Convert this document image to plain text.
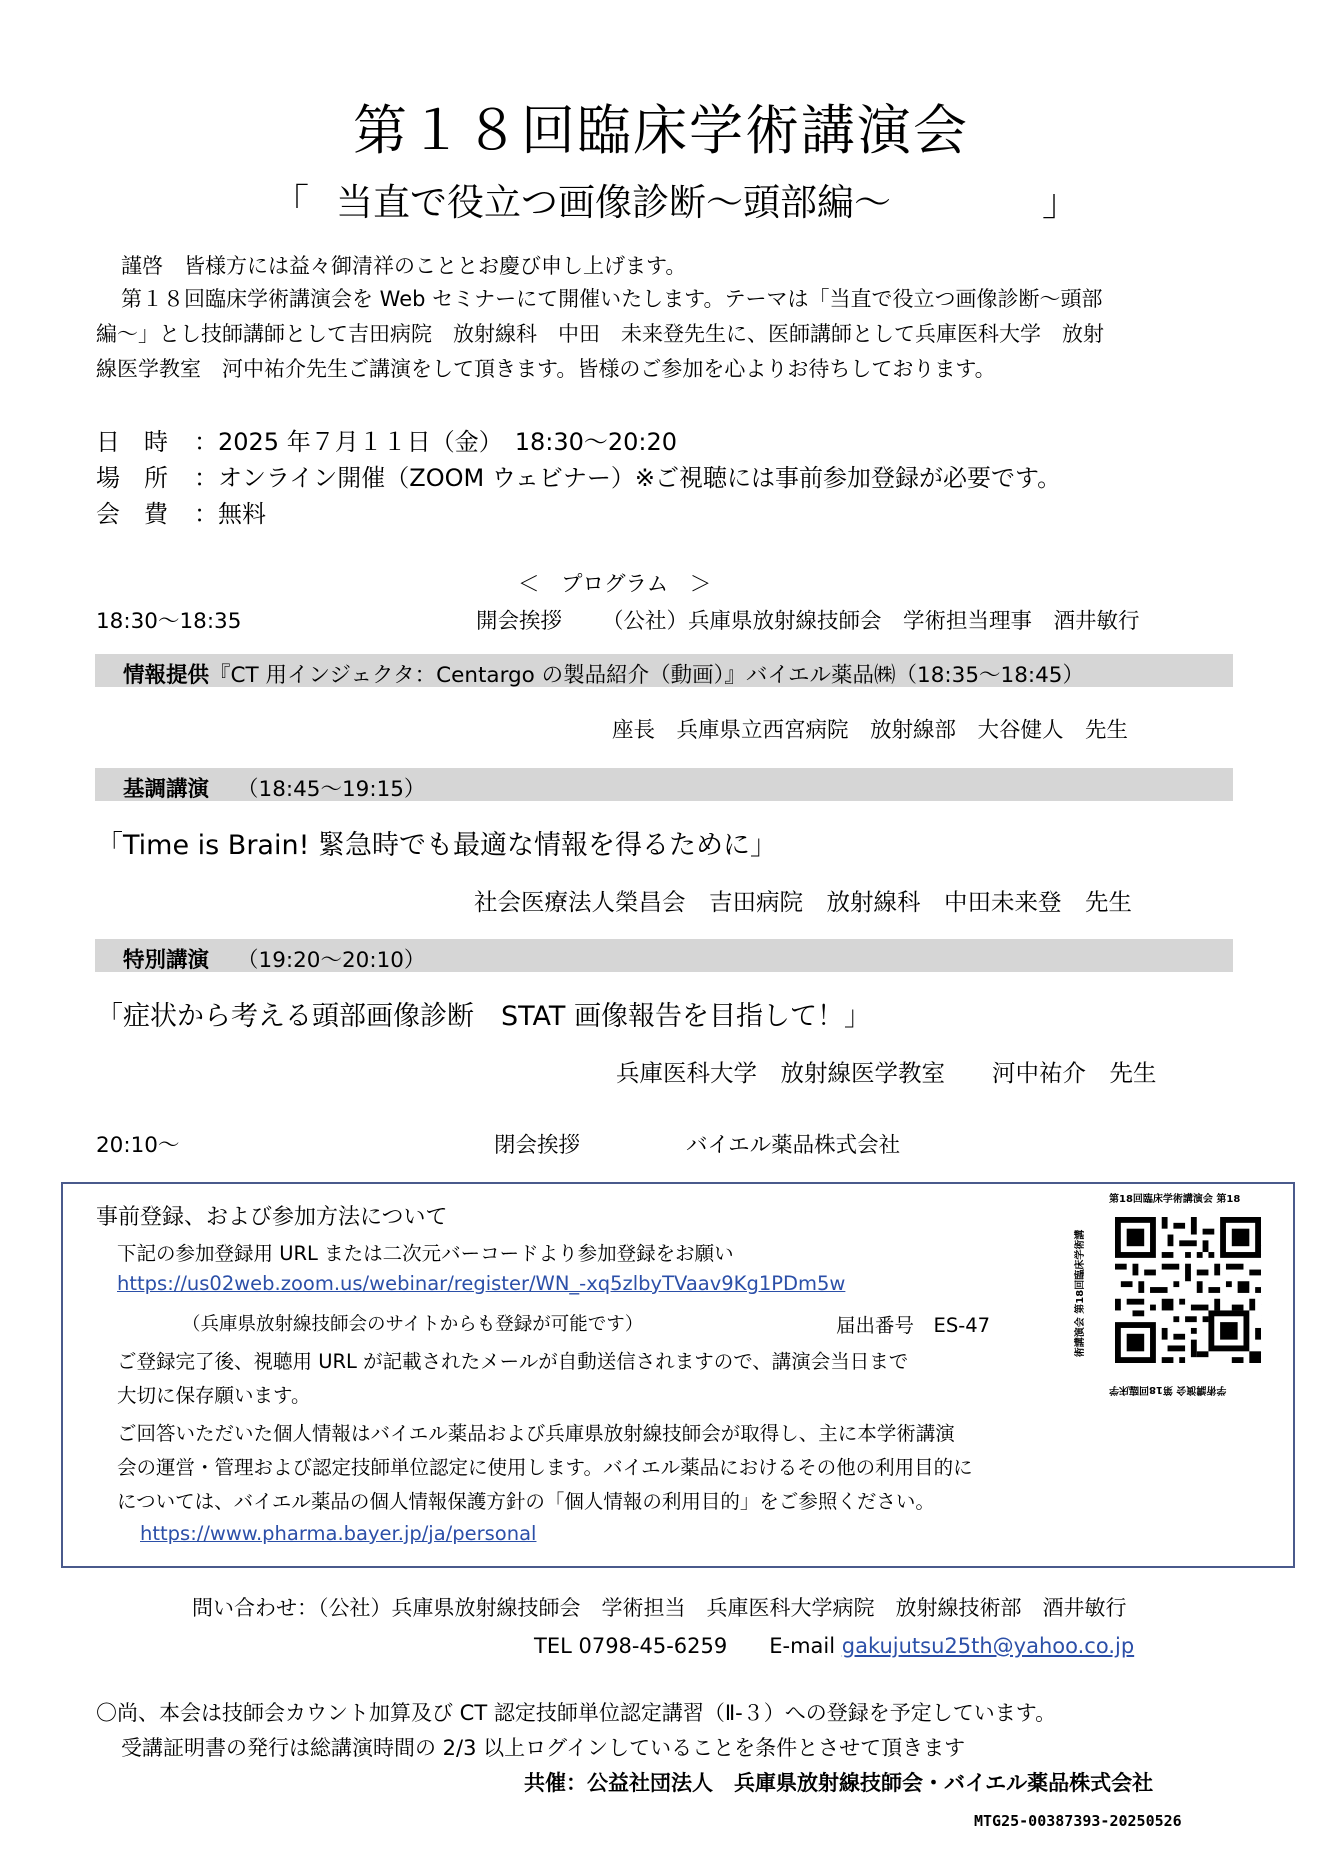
第１８回臨床学術講演会
「 当直で役立つ画像診断～頭部編～	」
謹啓　皆様方には益々御清祥のこととお慶び申し上げます。
第１８回臨床学術講演会を Web セミナーにて開催いたします。テーマは「当直で役立つ画像診断～頭部
編～」とし技師講師として吉田病院　放射線科　中田　未来登先生に、医師講師として兵庫医科大学　放射
線医学教室　河中祐介先生ご講演をして頂きます。皆様のご参加を心よりお待ちしております。
日　時 ：2025 年７月１１日（金）　18:30～20:20
場　所 ：オンライン開催（ZOOM ウェビナー）※ご視聴には事前参加登録が必要です。
会　費 ：無料
＜　プログラム　＞
18:30～18:35	開会挨拶 （公社）兵庫県放射線技師会　学術担当理事　酒井敏行
情報提供『CT 用インジェクタ：Centargo の製品紹介（動画）』バイエル薬品㈱（18:35～18:45）
座長　兵庫県立西宮病院　放射線部　大谷健人　先生
基調講演 （18:45～19:15）
「Time is Brain! 緊急時でも最適な情報を得るために」
社会医療法人榮昌会　吉田病院　放射線科　中田未来登　先生
特別講演 （19:20～20:10）
「症状から考える頭部画像診断　STAT 画像報告を目指して！」
兵庫医科大学　放射線医学教室　　河中祐介　先生
20:10～	閉会挨拶	バイエル薬品株式会社
事前登録、および参加方法について
下記の参加登録用 URL または二次元バーコードより参加登録をお願い
https://us02web.zoom.us/webinar/register/WN_-xq5zlbyTVaav9Kg1PDm5w
（兵庫県放射線技師会のサイトからも登録が可能です）	届出番号　ES-47
ご登録完了後、視聴用 URL が記載されたメールが自動送信されますので、講演会当日まで
大切に保存願います。
ご回答いただいた個人情報はバイエル薬品および兵庫県放射線技師会が取得し、主に本学術講演
会の運営・管理および認定技師単位認定に使用します。バイエル薬品におけるその他の利用目的に
については、バイエル薬品の個人情報保護方針の「個人情報の利用目的」をご参照ください。
https://www.pharma.bayer.jp/ja/personal
第18回臨床学術講演会 第18
学術講演会 第18回臨床学
術講演会 第18回臨床学術講
問い合わせ：（公社）兵庫県放射線技師会　学術担当　兵庫医科大学病院　放射線技術部　酒井敏行
TEL 0798-45-6259　　E-mail gakujutsu25th@yahoo.co.jp
〇尚、本会は技師会カウント加算及び CT 認定技師単位認定講習（Ⅱ-３）への登録を予定しています。
受講証明書の発行は総講演時間の 2/3 以上ログインしていることを条件とさせて頂きます
共催：公益社団法人　兵庫県放射線技師会・バイエル薬品株式会社
MTG25-00387393-20250526
